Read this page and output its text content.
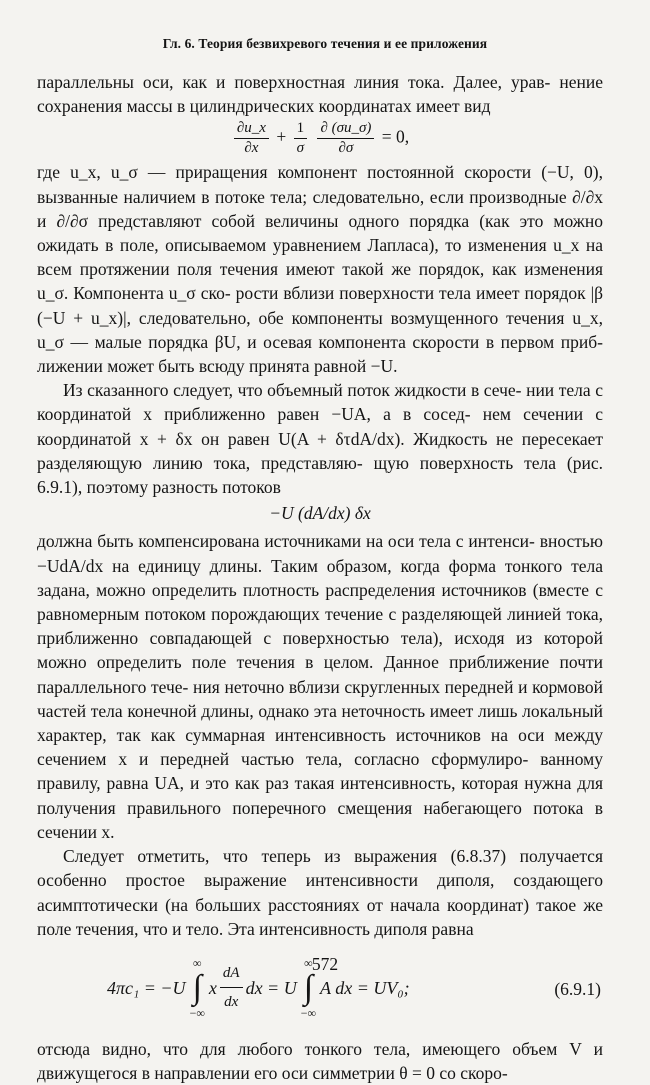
Гл. 6. Теория безвихревого течения и ее приложения

параллельны оси, как и поверхностная линия тока. Далее, урав- нение сохранения массы в цилиндрических координатах имеет вид

$\frac{\partial u\_x}{\partial x} + \frac{1}{\sigma}$
$\frac{\partial (\sigma u\_\sigma)}{\partial\sigma} = 0$,

где u_x, u_σ — приращения компонент постоянной скорости (−U, 0), вызванные наличием в потоке тела; следовательно, если производные ∂/∂x и ∂/∂σ представляют собой величины одного порядка (как это можно ожидать в поле, описываемом уравнением Лапласа), то изменения u_x на всем протяжении поля течения имеют такой же порядок, как изменения u_σ. Компонента u_σ ско- рости вблизи поверхности тела имеет порядок |β (−U + u_x)|, следовательно, обе компоненты возмущенного течения u_x, u_σ — малые порядка βU, и осевая компонента скорости в первом приб- лижении может быть всюду принята равной −U.

Из сказанного следует, что объемный поток жидкости в сече- нии тела с координатой x приближенно равен −UA, а в сосед- нем сечении с координатой x + δx он равен U(A + δτdA/dx). Жидкость не пересекает разделяющую линию тока, представляю- щую поверхность тела (рис. 6.9.1), поэтому разность потоков

−U (dA/dx) δx

должна быть компенсирована источниками на оси тела с интенси- вностью −UdA/dx на единицу длины. Таким образом, когда форма тонкого тела задана, можно определить плотность распределения источников (вместе с равномерным потоком порождающих течение с разделяющей линией тока, приближенно совпадающей с поверхностью тела), исходя из которой можно определить поле течения в целом. Данное приближение почти параллельного тече- ния неточно вблизи скругленных передней и кормовой частей тела конечной длины, однако эта неточность имеет лишь локальный характер, так как суммарная интенсивность источников на оси между сечением x и передней частью тела, согласно сформулиро- ванному правилу, равна UA, и это как раз такая интенсивность, которая нужна для получения правильного поперечного смещения набегающего потока в сечении x.

Следует отметить, что теперь из выражения (6.8.37) получается особенно простое выражение интенсивности диполя, создающего асимптотически (на больших расстояниях от начала координат) такое же поле течения, что и тело. Эта интенсивность диполя равна

4πc₁ = −U
∞
∫
−∞
x $\frac{dA}{dx}$ dx = U
∞
∫
−∞
A dx = UV₀;	(6.9.1)

отсюда видно, что для любого тонкого тела, имеющего объем V и движущегося в направлении его оси симметрии θ = 0 со скоро-

572
